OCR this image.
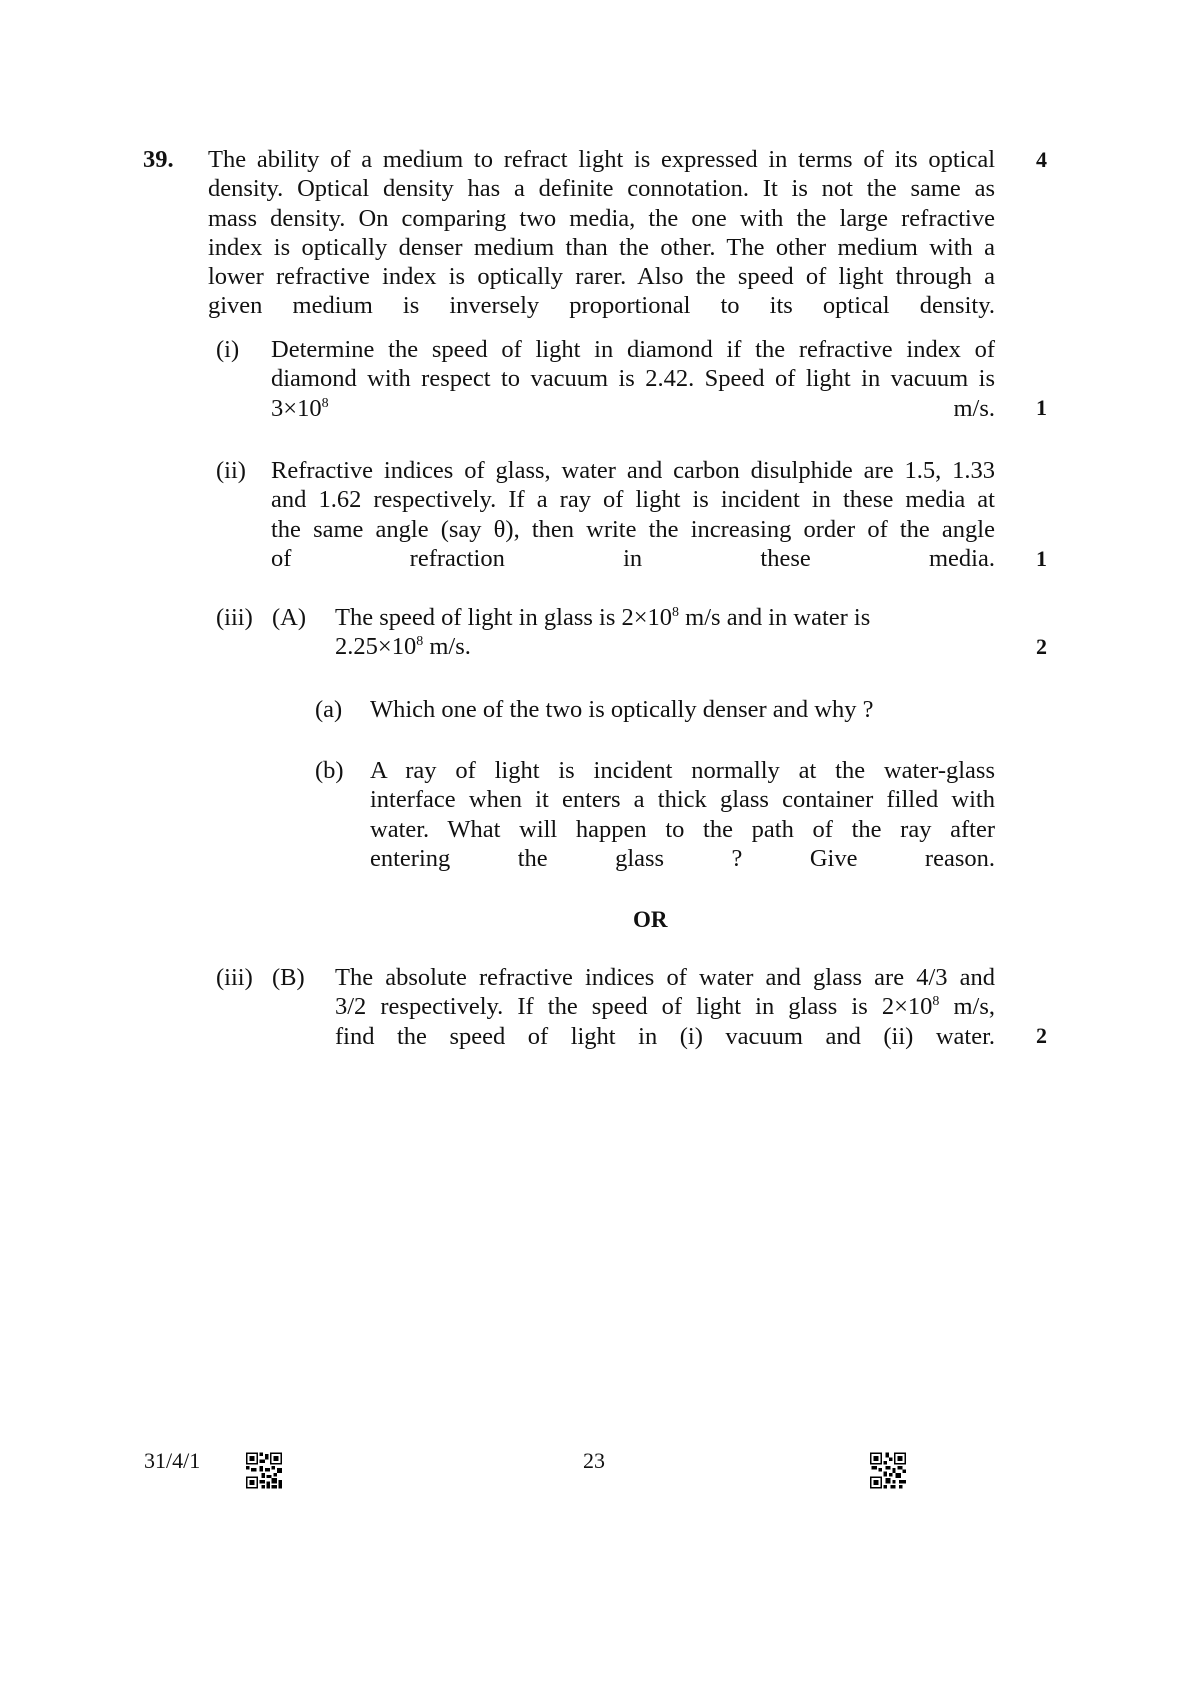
39.	4
The ability of a medium to refract light is expressed in terms of its optical
density. Optical density has a definite connotation. It is not the same as
mass density. On comparing two media, the one with the large refractive
index is optically denser medium than the other. The other medium with a
lower refractive index is optically rarer. Also the speed of light through a
given medium is inversely proportional to its optical density.
(i) Determine the speed of light in diamond if the refractive index of
diamond with respect to vacuum is 2.42. Speed of light in vacuum is
$3\times 10^8$ m/s. 1
(ii) Refractive indices of glass, water and carbon disulphide are 1.5, 1.33
and 1.62 respectively. If a ray of light is incident in these media at
the same angle (say θ), then write the increasing order of the angle
of refraction in these media. 1
(iii) (A) The speed of light in glass is $2\times 10^8$ m/s and in water is
$2.25\times 10^8$ m/s.	2
(a) Which one of the two is optically denser and why ?
(b) A ray of light is incident normally at the water-glass
interface when it enters a thick glass container filled with
water. What will happen to the path of the ray after
entering the glass ? Give reason.
OR
(iii) (B) The absolute refractive indices of water and glass are 4/3 and
3/2 respectively. If the speed of light in glass is $2\times 10^8$ m/s,
find the speed of light in (i) vacuum and (ii) water. 2
31/4/1	23
